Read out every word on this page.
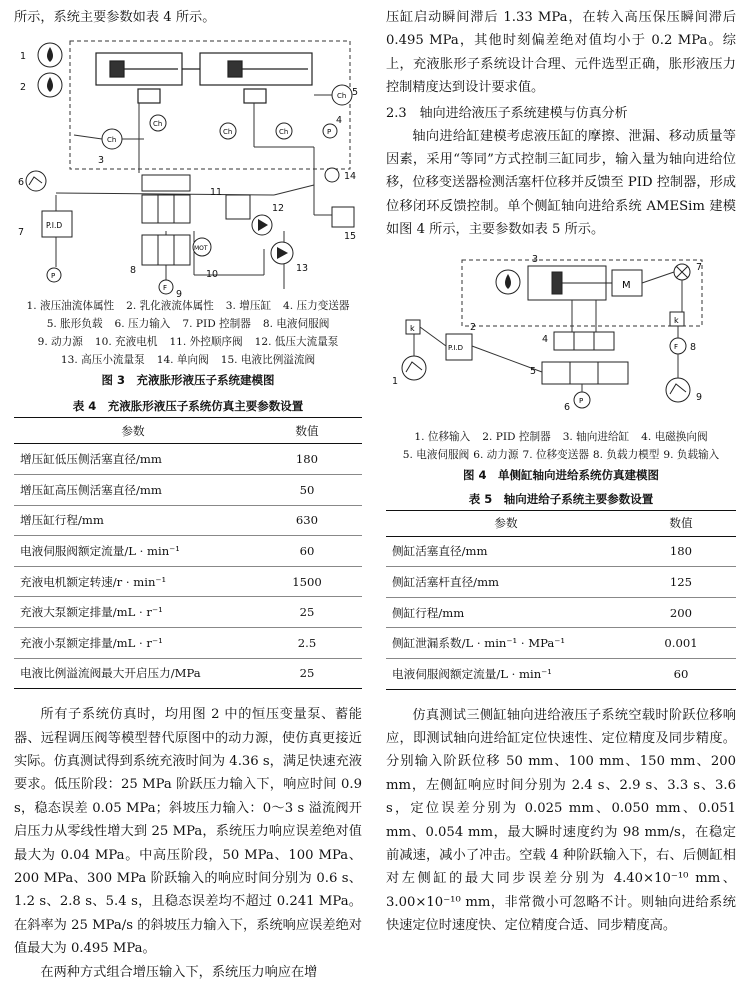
所示，系统主要参数如表 4 所示。

Ch
Ch
Ch	Ch
Ch
P
P.I.D
MOT
F
P
1
2
3
4
5
6
7
8
9
10
11
12
13
14
15
1. 液压油流体属性 2. 乳化液流体属性 3. 增压缸 4. 压力变送器
5. 胀形负载 6. 压力输入 7. PID 控制器 8. 电液伺服阀
9. 动力源 10. 充液电机 11. 外控顺序阀 12. 低压大流量泵
13. 高压小流量泵 14. 单向阀 15. 电液比例溢流阀
图 3　充液胀形液压子系统建模图
表 4　充液胀形液压子系统仿真主要参数设置
参数	数值
增压缸低压侧活塞直径/mm	180
增压缸高压侧活塞直径/mm	50
增压缸行程/mm	630
电液伺服阀额定流量/L · min⁻¹	60
充液电机额定转速/r · min⁻¹	1500
充液大泵额定排量/mL · r⁻¹	25
充液小泵额定排量/mL · r⁻¹	2.5
电液比例溢流阀最大开启压力/MPa	25

所有子系统仿真时，均用图 2 中的恒压变量泵、蓄能器、远程调压阀等模型替代原图中的动力源，使仿真更接近实际。仿真测试得到系统充液时间为 4.36 s，满足快速充液要求。低压阶段：25 MPa 阶跃压力输入下，响应时间 0.9 s，稳态误差 0.05 MPa；斜坡压力输入：0～3 s 溢流阀开启压力从零线性增大到 25 MPa，系统压力响应误差绝对值最大为 0.04 MPa。中高压阶段，50 MPa、100 MPa、200 MPa、300 MPa 阶跃输入的响应时间分别为 0.6 s、1.2 s、2.8 s、5.4 s，且稳态误差均不超过 0.241 MPa。在斜率为 25 MPa/s 的斜坡压力输入下，系统响应误差绝对值最大为 0.495 MPa。

在两种方式组合增压输入下，系统压力响应在增

压缸启动瞬间滞后 1.33 MPa，在转入高压保压瞬间滞后 0.495 MPa，其他时刻偏差绝对值均小于 0.2 MPa。综上，充液胀形子系统设计合理、元件选型正确，胀形液压力控制精度达到设计要求值。

2.3　轴向进给液压子系统建模与仿真分析

轴向进给缸建模考虑液压缸的摩擦、泄漏、移动质量等因素，采用“等同”方式控制三缸同步，输入量为轴向进给位移，位移变送器检测活塞杆位移并反馈至 PID 控制器，形成位移闭环反馈控制。单个侧缸轴向进给系统 AMESim 建模如图 4 所示，主要参数如表 5 所示。

M
P.I.D
k
k
F
P
1
2
3
4
5
6
7
8
9
1. 位移输入 2. PID 控制器 3. 轴向进给缸 4. 电磁换向阀
5. 电液伺服阀 6. 动力源 7. 位移变送器 8. 负载力模型 9. 负载输入
图 4　单侧缸轴向进给系统仿真建模图
表 5　轴向进给子系统主要参数设置
参数	数值
侧缸活塞直径/mm	180
侧缸活塞杆直径/mm	125
侧缸行程/mm	200
侧缸泄漏系数/L · min⁻¹ · MPa⁻¹	0.001
电液伺服阀额定流量/L · min⁻¹	60

仿真测试三侧缸轴向进给液压子系统空载时阶跃位移响应，即测试轴向进给缸定位快速性、定位精度及同步精度。分别输入阶跃位移 50 mm、100 mm、150 mm、200 mm，左侧缸响应时间分别为 2.4 s、2.9 s、3.3 s、3.6 s，定位误差分别为 0.025 mm、0.050 mm、0.051 mm、0.054 mm，最大瞬时速度约为 98 mm/s，在稳定前减速，减小了冲击。空载 4 种阶跃输入下，右、后侧缸相对左侧缸的最大同步误差分别为 4.40×10⁻¹⁰ mm、3.00×10⁻¹⁰ mm，非常微小可忽略不计。则轴向进给系统快速定位时速度快、定位精度合适、同步精度高。
